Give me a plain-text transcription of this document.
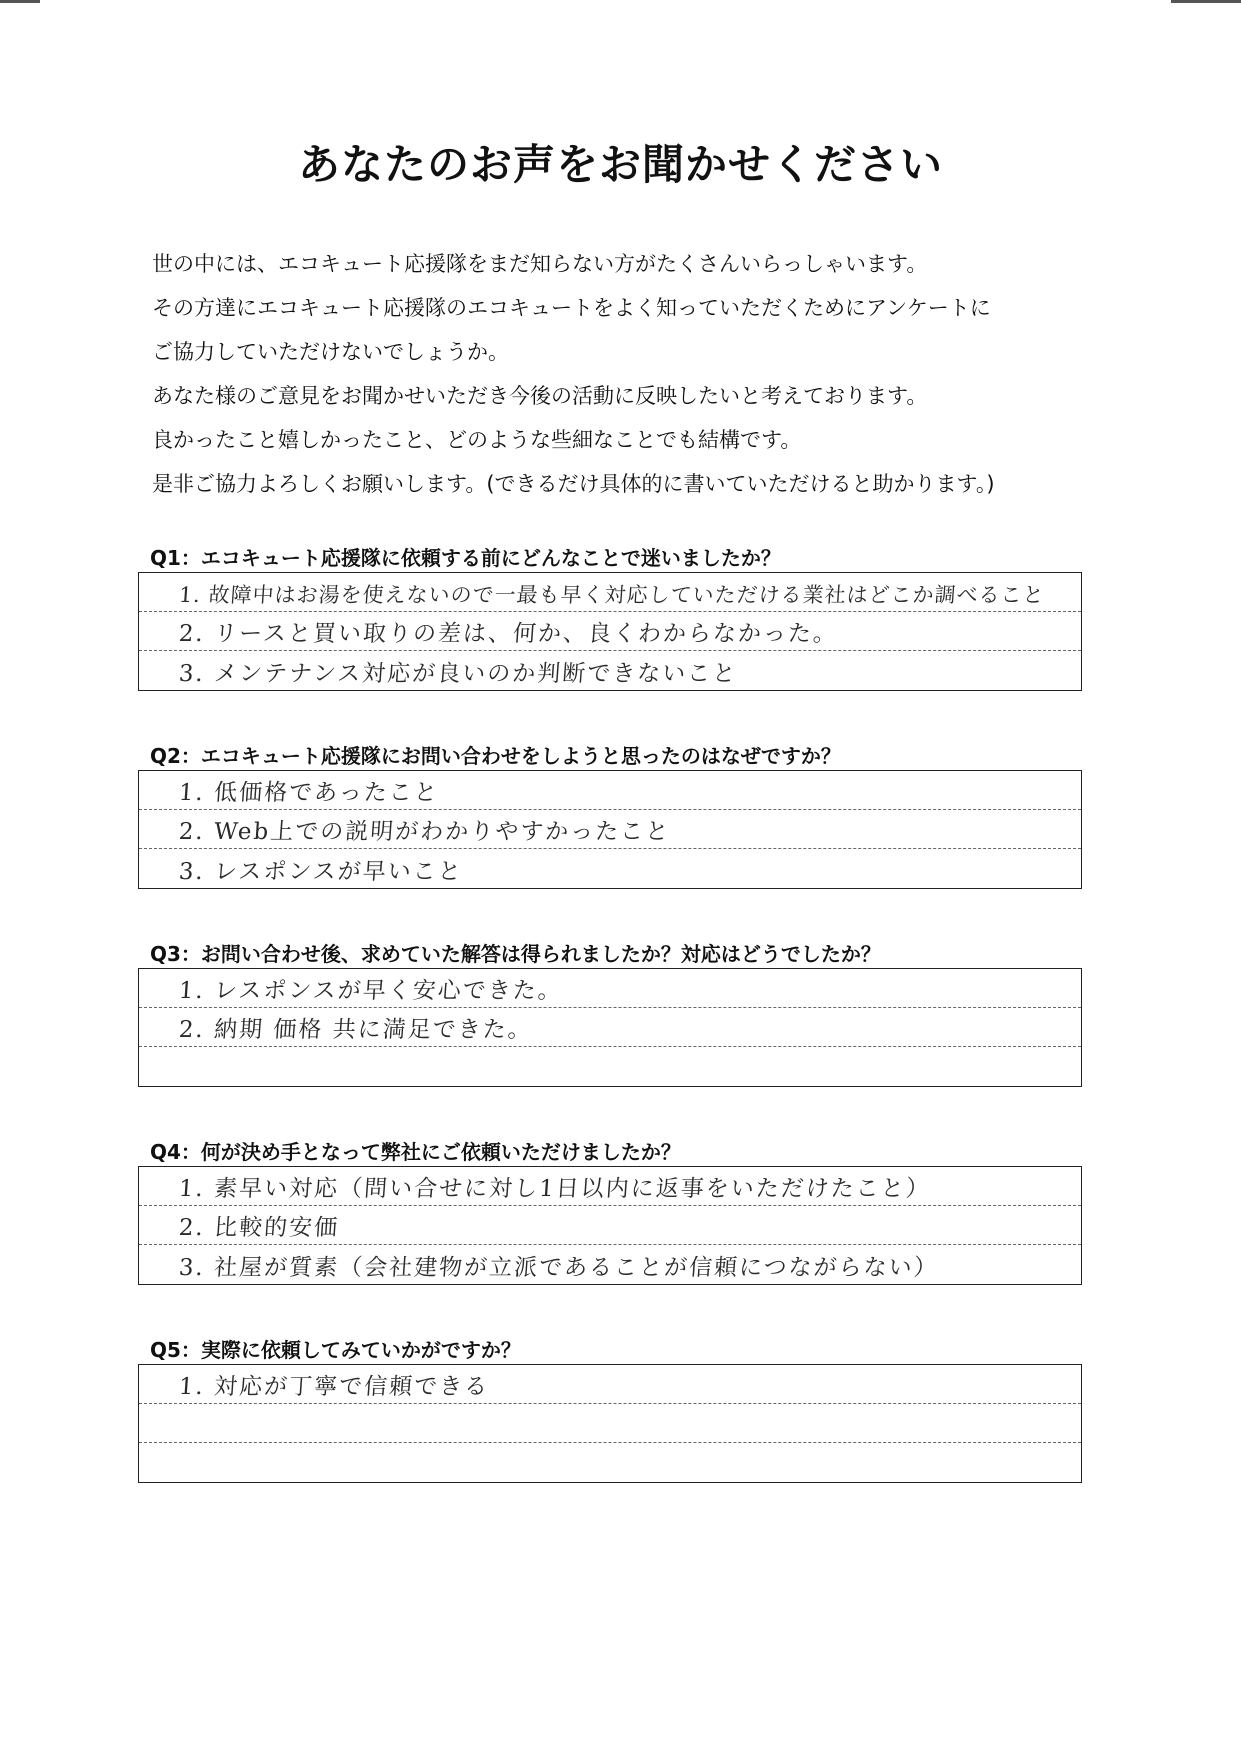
あなたのお声をお聞かせください

世の中には、エコキュート応援隊をまだ知らない方がたくさんいらっしゃいます。

その方達にエコキュート応援隊のエコキュートをよく知っていただくためにアンケートに

ご協力していただけないでしょうか。

あなた様のご意見をお聞かせいただき今後の活動に反映したいと考えております。

良かったこと嬉しかったこと、どのような些細なことでも結構です。

是非ご協力よろしくお願いします。(できるだけ具体的に書いていただけると助かります。)

Q1：エコキュート応援隊に依頼する前にどんなことで迷いましたか？
1. 故障中はお湯を使えないので一最も早く対応していただける業社はどこか調べること
2. リースと買い取りの差は、何か、良くわからなかった。
3. メンテナンス対応が良いのか判断できないこと
Q2：エコキュート応援隊にお問い合わせをしようと思ったのはなぜですか？
1. 低価格であったこと
2. Web上での説明がわかりやすかったこと
3. レスポンスが早いこと
Q3：お問い合わせ後、求めていた解答は得られましたか？対応はどうでしたか？
1. レスポンスが早く安心できた。
2. 納期 価格 共に満足できた。
Q4：何が決め手となって弊社にご依頼いただけましたか？
1. 素早い対応（問い合せに対し1日以内に返事をいただけたこと）
2. 比較的安価
3. 社屋が質素（会社建物が立派であることが信頼につながらない）
Q5：実際に依頼してみていかがですか？
1. 対応が丁寧で信頼できる
